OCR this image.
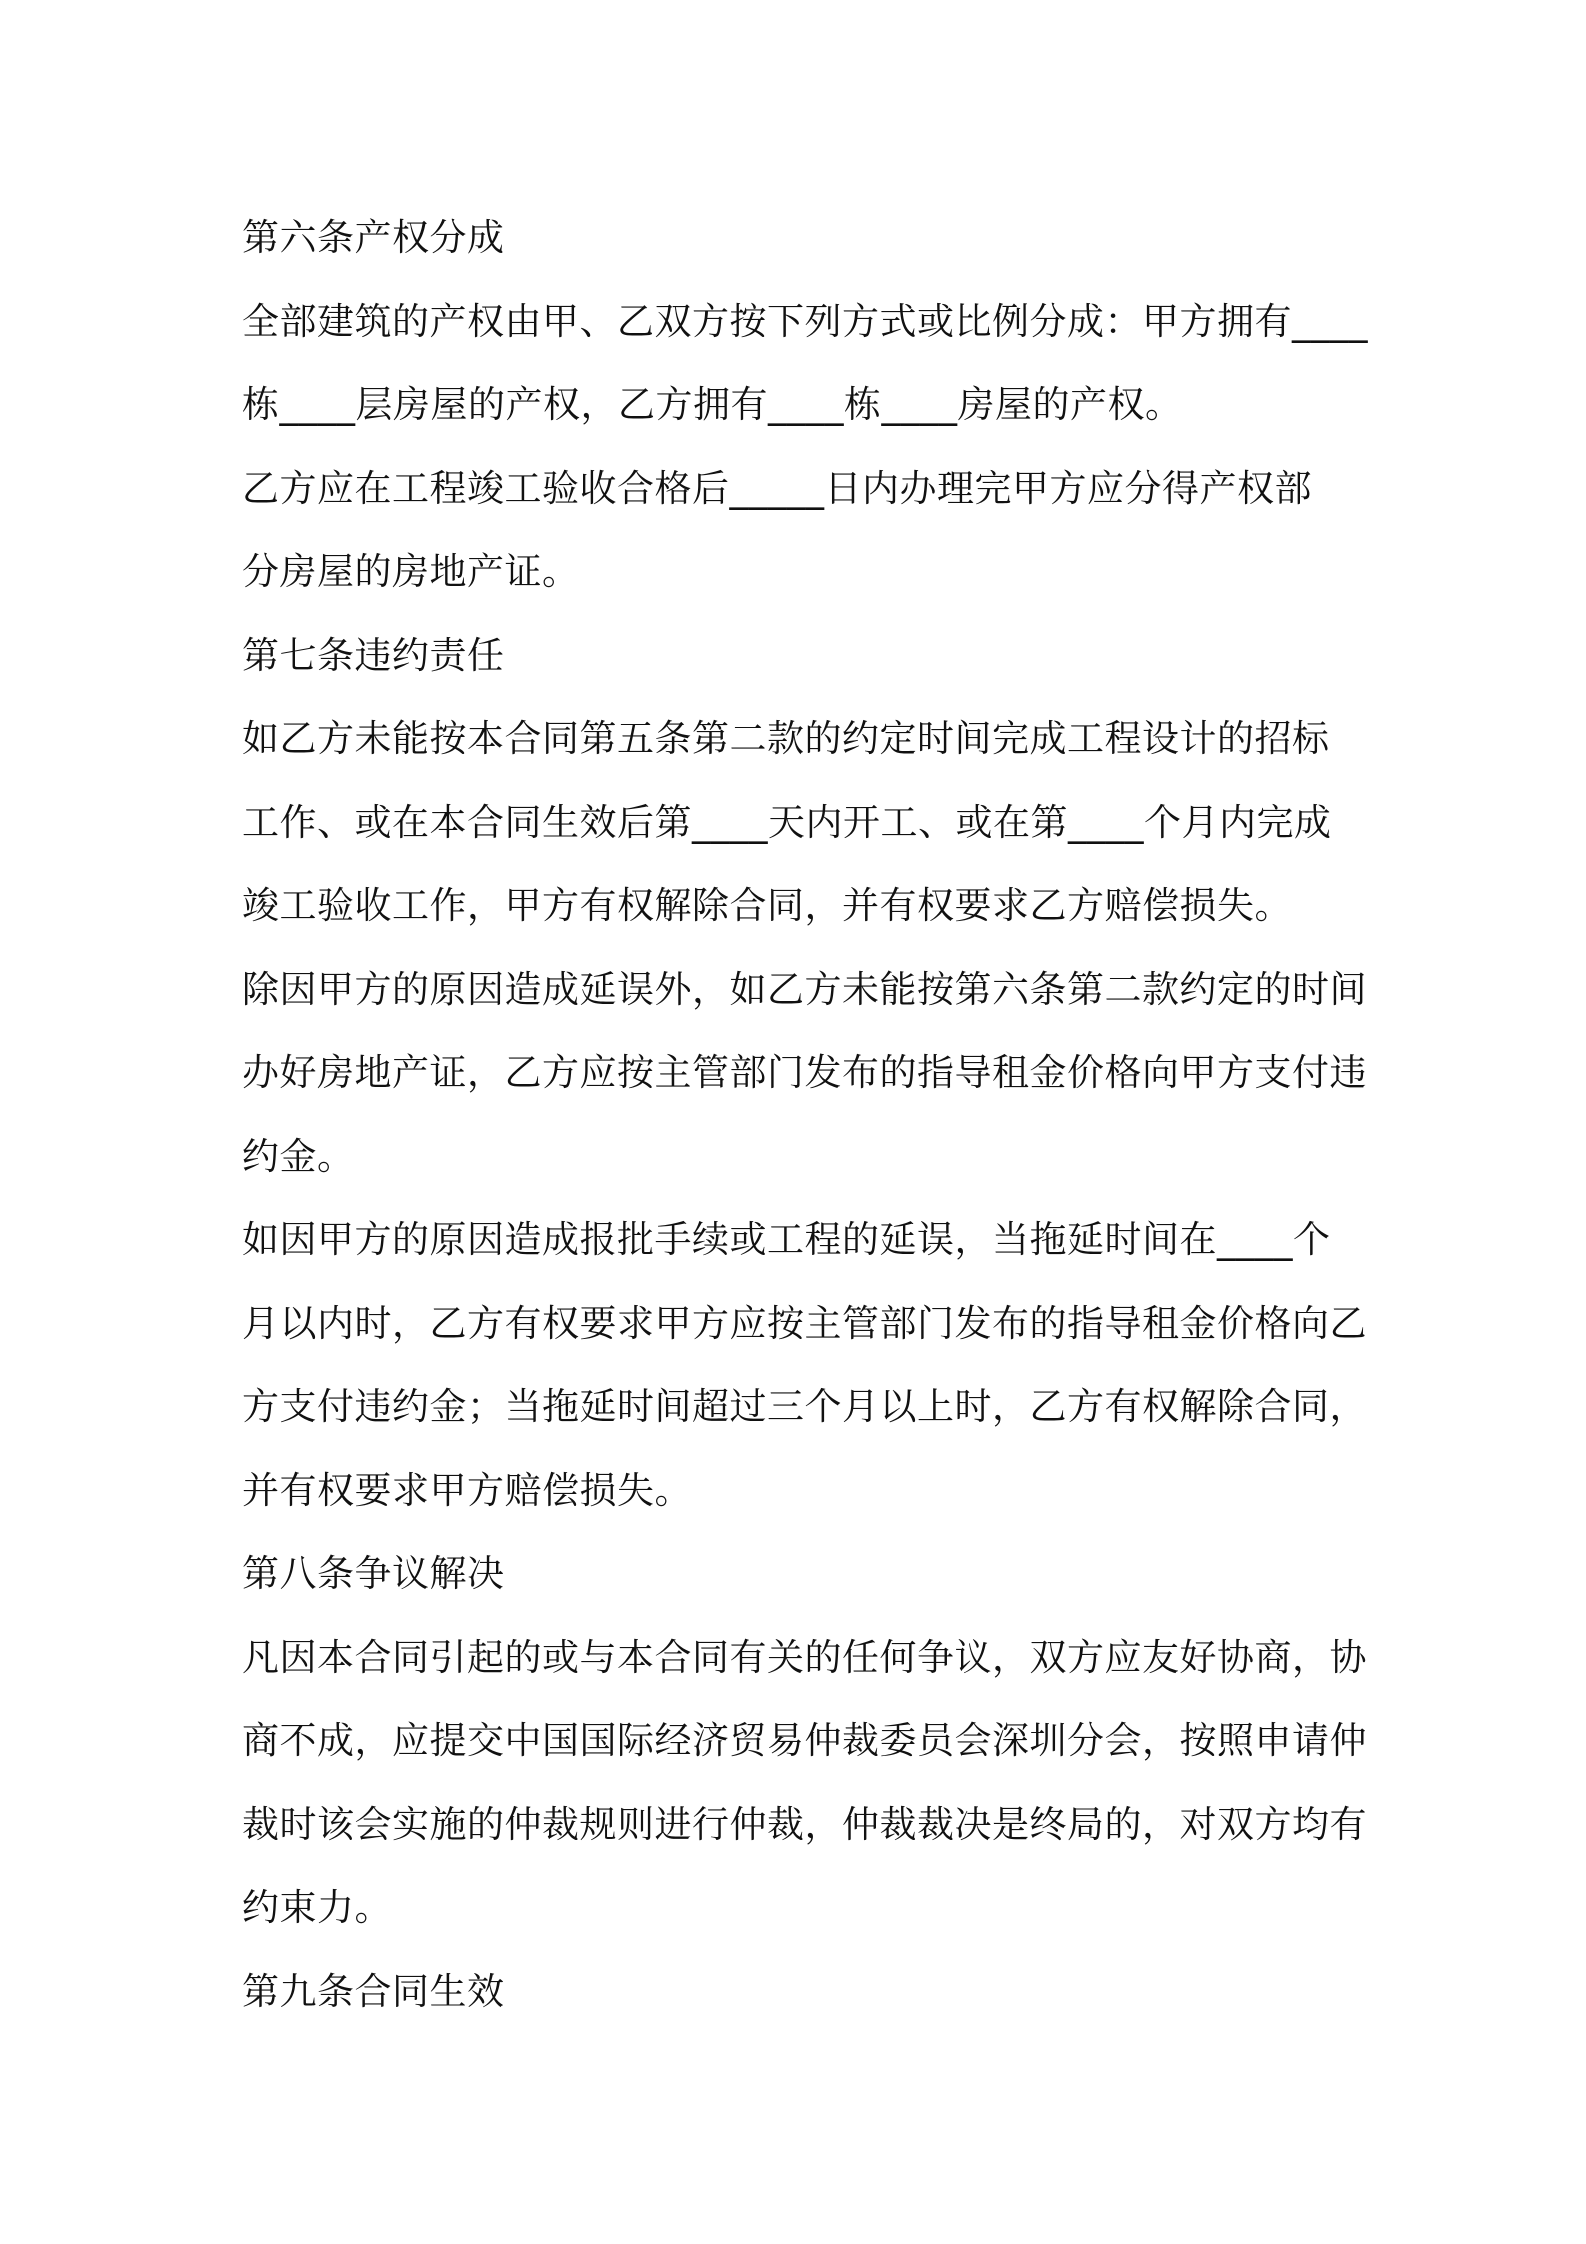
第六条产权分成
全部建筑的产权由甲、乙双方按下列方式或比例分成：甲方拥有____
栋____层房屋的产权，乙方拥有____栋____房屋的产权。
乙方应在工程竣工验收合格后_____日内办理完甲方应分得产权部
分房屋的房地产证。
第七条违约责任
如乙方未能按本合同第五条第二款的约定时间完成工程设计的招标
工作、或在本合同生效后第____天内开工、或在第____个月内完成
竣工验收工作，甲方有权解除合同，并有权要求乙方赔偿损失。
除因甲方的原因造成延误外，如乙方未能按第六条第二款约定的时间
办好房地产证，乙方应按主管部门发布的指导租金价格向甲方支付违
约金。
如因甲方的原因造成报批手续或工程的延误，当拖延时间在____个
月以内时，乙方有权要求甲方应按主管部门发布的指导租金价格向乙
方支付违约金；当拖延时间超过三个月以上时，乙方有权解除合同，
并有权要求甲方赔偿损失。
第八条争议解决
凡因本合同引起的或与本合同有关的任何争议，双方应友好协商，协
商不成，应提交中国国际经济贸易仲裁委员会深圳分会，按照申请仲
裁时该会实施的仲裁规则进行仲裁，仲裁裁决是终局的，对双方均有
约束力。
第九条合同生效
